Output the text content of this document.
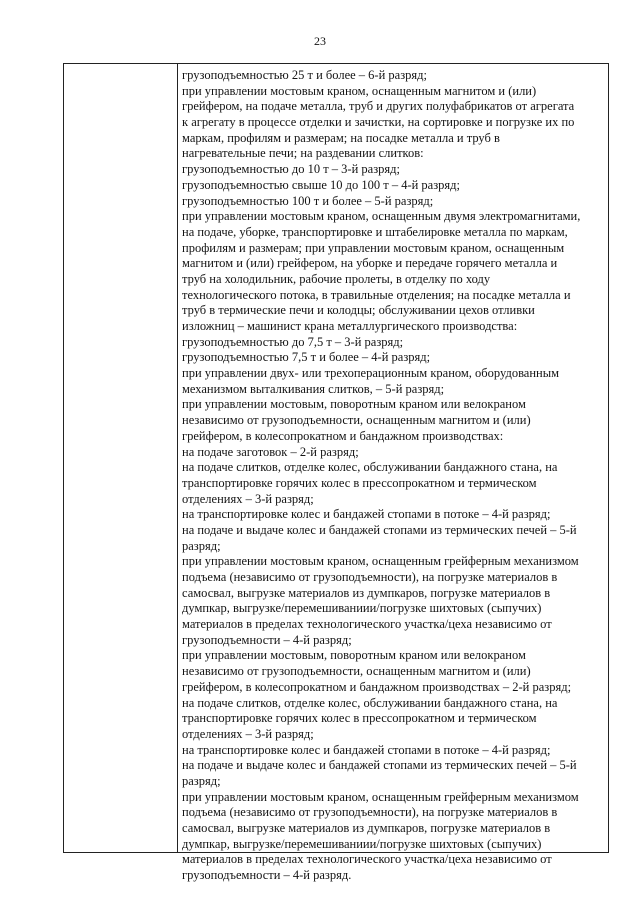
23
грузоподъемностью 25 т и более – 6-й разряд;
при управлении мостовым краном, оснащенным магнитом и (или)
грейфером, на подаче металла, труб и других полуфабрикатов от агрегата
к агрегату в процессе отделки и зачистки, на сортировке и погрузке их по
маркам, профилям и размерам; на посадке металла и труб в
нагревательные печи; на раздевании слитков:
грузоподъемностью до 10 т – 3-й разряд;
грузоподъемностью свыше 10 до 100 т – 4-й разряд;
грузоподъемностью 100 т и более – 5-й разряд;
при управлении мостовым краном, оснащенным двумя электромагнитами,
на подаче, уборке, транспортировке и штабелировке металла по маркам,
профилям и размерам; при управлении мостовым краном, оснащенным
магнитом и (или) грейфером, на уборке и передаче горячего металла и
труб на холодильник, рабочие пролеты, в отделку по ходу
технологического потока, в травильные отделения; на посадке металла и
труб в термические печи и колодцы; обслуживании цехов отливки
изложниц – машинист крана металлургического производства:
грузоподъемностью до 7,5 т – 3-й разряд;
грузоподъемностью 7,5 т и более – 4-й разряд;
при управлении двух- или трехоперационным краном, оборудованным
механизмом выталкивания слитков, – 5-й разряд;
при управлении мостовым, поворотным краном или велокраном
независимо от грузоподъемности, оснащенным магнитом и (или)
грейфером, в колесопрокатном и бандажном производствах:
на подаче заготовок – 2-й разряд;
на подаче слитков, отделке колес, обслуживании бандажного стана, на
транспортировке горячих колес в прессопрокатном и термическом
отделениях – 3-й разряд;
на транспортировке колес и бандажей стопами в потоке – 4-й разряд;
на подаче и выдаче колес и бандажей стопами из термических печей – 5-й
разряд;
при управлении мостовым краном, оснащенным грейферным механизмом
подъема (независимо от грузоподъемности), на погрузке материалов в
самосвал, выгрузке материалов из думпкаров, погрузке материалов в
думпкар, выгрузке/перемешиваниии/погрузке шихтовых (сыпучих)
материалов в пределах технологического участка/цеха независимо от
грузоподъемности – 4-й разряд;
при управлении мостовым, поворотным краном или велокраном
независимо от грузоподъемности, оснащенным магнитом и (или)
грейфером, в колесопрокатном и бандажном производствах – 2-й разряд;
на подаче слитков, отделке колес, обслуживании бандажного стана, на
транспортировке горячих колес в прессопрокатном и термическом
отделениях – 3-й разряд;
на транспортировке колес и бандажей стопами в потоке – 4-й разряд;
на подаче и выдаче колес и бандажей стопами из термических печей – 5-й
разряд;
при управлении мостовым краном, оснащенным грейферным механизмом
подъема (независимо от грузоподъемности), на погрузке материалов в
самосвал, выгрузке материалов из думпкаров, погрузке материалов в
думпкар, выгрузке/перемешиваниии/погрузке шихтовых (сыпучих)
материалов в пределах технологического участка/цеха независимо от
грузоподъемности – 4-й разряд.
